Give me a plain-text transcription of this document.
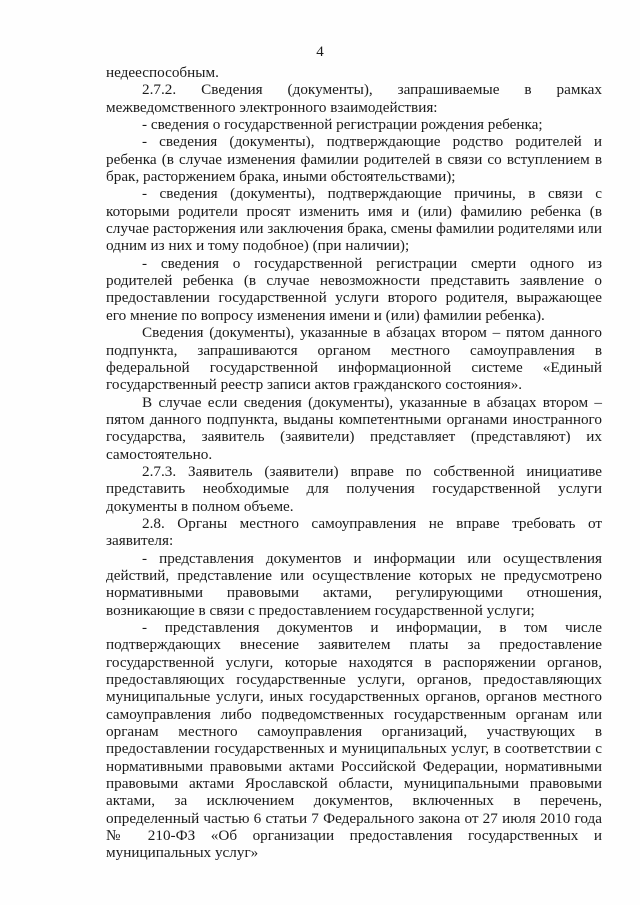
4

недееспособным.

2.7.2. Сведения (документы), запрашиваемые в рамках межведомственного электронного взаимодействия:

- сведения о государственной регистрации рождения ребенка;

- сведения (документы), подтверждающие родство родителей и ребенка (в случае изменения фамилии родителей в связи со вступлением в брак, расторжением брака, иными обстоятельствами);

- сведения (документы), подтверждающие причины, в связи с которыми родители просят изменить имя и (или) фамилию ребенка (в случае расторжения или заключения брака, смены фамилии родителями или одним из них и тому подобное) (при наличии);

- сведения о государственной регистрации смерти одного из родителей ребенка (в случае невозможности представить заявление о предоставлении государственной услуги второго родителя, выражающее его мнение по вопросу изменения имени и (или) фамилии ребенка).

Сведения (документы), указанные в абзацах втором – пятом данного подпункта, запрашиваются органом местного самоуправления в федеральной государственной информационной системе «Единый государственный реестр записи актов гражданского состояния».

В случае если сведения (документы), указанные в абзацах втором – пятом данного подпункта, выданы компетентными органами иностранного государства, заявитель (заявители) представляет (представляют) их самостоятельно.

2.7.3. Заявитель (заявители) вправе по собственной инициативе представить необходимые для получения государственной услуги документы в полном объеме.

2.8. Органы местного самоуправления не вправе требовать от заявителя:

- представления документов и информации или осуществления действий, представление или осуществление которых не предусмотрено нормативными правовыми актами, регулирующими отношения, возникающие в связи с предоставлением государственной услуги;

- представления документов и информации, в том числе подтверждающих внесение заявителем платы за предоставление государственной услуги, которые находятся в распоряжении органов, предоставляющих государственные услуги, органов, предоставляющих муниципальные услуги, иных государственных органов, органов местного самоуправления либо подведомственных государственным органам или органам местного самоуправления организаций, участвующих в предоставлении государственных и муниципальных услуг, в соответствии с нормативными правовыми актами Российской Федерации, нормативными правовыми актами Ярославской области, муниципальными правовыми актами, за исключением документов, включенных в перечень, определенный частью 6 статьи 7 Федерального закона от 27 июля 2010 года № 210-ФЗ «Об организации предоставления государственных и муниципальных услуг»
